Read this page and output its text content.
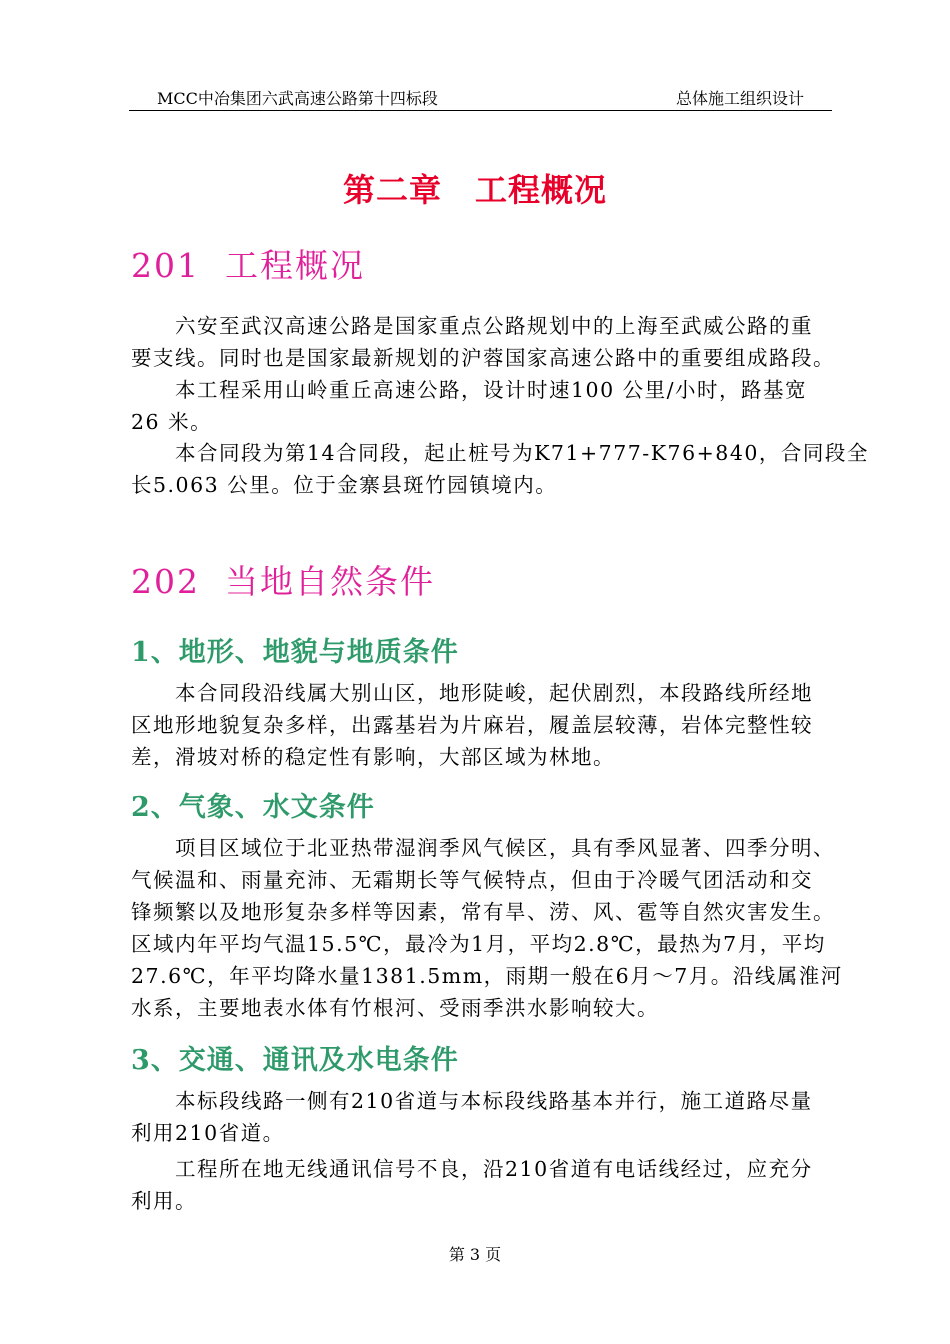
MCC中冶集团六武高速公路第十四标段	总体施工组织设计
第二章　工程概况
201  工程概况
六安至武汉高速公路是国家重点公路规划中的上海至武威公路的重
要支线。同时也是国家最新规划的沪蓉国家高速公路中的重要组成路段。
本工程采用山岭重丘高速公路，设计时速100 公里/小时，路基宽
26 米。
本合同段为第14合同段，起止桩号为K71+777-K76+840，合同段全
长5.063 公里。位于金寨县斑竹园镇境内。
202  当地自然条件
1、地形、地貌与地质条件
本合同段沿线属大别山区，地形陡峻，起伏剧烈，本段路线所经地
区地形地貌复杂多样，出露基岩为片麻岩，履盖层较薄，岩体完整性较
差，滑坡对桥的稳定性有影响，大部区域为林地。
2、气象、水文条件
项目区域位于北亚热带湿润季风气候区，具有季风显著、四季分明、
气候温和、雨量充沛、无霜期长等气候特点，但由于冷暖气团活动和交
锋频繁以及地形复杂多样等因素，常有旱、涝、风、雹等自然灾害发生。
区域内年平均气温15.5℃，最冷为1月，平均2.8℃，最热为7月，平均
27.6℃，年平均降水量1381.5mm，雨期一般在6月～7月。沿线属淮河
水系，主要地表水体有竹根河、受雨季洪水影响较大。
3、交通、通讯及水电条件
本标段线路一侧有210省道与本标段线路基本并行，施工道路尽量
利用210省道。
工程所在地无线通讯信号不良，沿210省道有电话线经过，应充分
利用。
第 3 页
